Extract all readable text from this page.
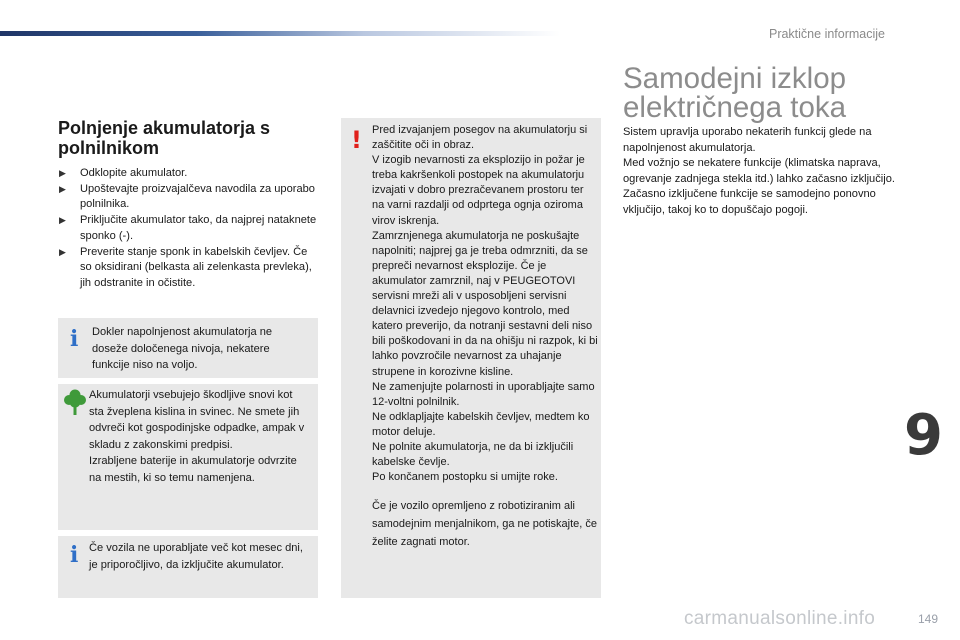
Praktične informacije
Polnjenje akumulatorja s polnilnikom
▶ Odklopite akumulator.
▶ Upoštevajte proizvajalčeva navodila za uporabo polnilnika.
▶ Priključite akumulator tako, da najprej nataknete sponko (-).
▶ Preverite stanje sponk in kabelskih čevljev. Če so oksidirani (belkasta ali zelenkasta prevleka), jih odstranite in očistite.
i Dokler napolnjenost akumulatorja ne doseže določenega nivoja, nekatere funkcije niso na voljo.

Akumulatorji vsebujejo škodljive snovi kot sta žveplena kislina in svinec. Ne smete jih odvreči kot gospodinjske odpadke, ampak v skladu z zakonskimi predpisi.

Izrabljene baterije in akumulatorje odvrzite na mestih, ki so temu namenjena.

i Če vozila ne uporabljate več kot mesec dni, je priporočljivo, da izključite akumulator.

! Pred izvajanjem posegov na akumulatorju si zaščitite oči in obraz.

V izogib nevarnosti za eksplozijo in požar je treba kakršenkoli postopek na akumulatorju izvajati v dobro prezračevanem prostoru ter na varni razdalji od odprtega ognja oziroma virov iskrenja.

Zamrznjenega akumulatorja ne poskušajte napolniti; najprej ga je treba odmrzniti, da se prepreči nevarnost eksplozije. Če je akumulator zamrznil, naj v PEUGEOTOVI servisni mreži ali v usposobljeni servisni delavnici izvedejo njegovo kontrolo, med katero preverijo, da notranji sestavni deli niso bili poškodovani in da na ohišju ni razpok, ki bi lahko povzročile nevarnost za uhajanje strupene in korozivne kisline.

Ne zamenjujte polarnosti in uporabljajte samo 12-voltni polnilnik.

Ne odklapljajte kabelskih čevljev, medtem ko motor deluje.

Ne polnite akumulatorja, ne da bi izključili kabelske čevlje.

Po končanem postopku si umijte roke.

Če je vozilo opremljeno z robotiziranim ali samodejnim menjalnikom, ga ne potiskajte, če želite zagnati motor.

Samodejni izklop električnega toka

Sistem upravlja uporabo nekaterih funkcij glede na napolnjenost akumulatorja.

Med vožnjo se nekatere funkcije (klimatska naprava, ogrevanje zadnjega stekla itd.) lahko začasno izključijo.

Začasno izključene funkcije se samodejno ponovno vključijo, takoj ko to dopuščajo pogoji.

9
149
carmanualsonline.info
